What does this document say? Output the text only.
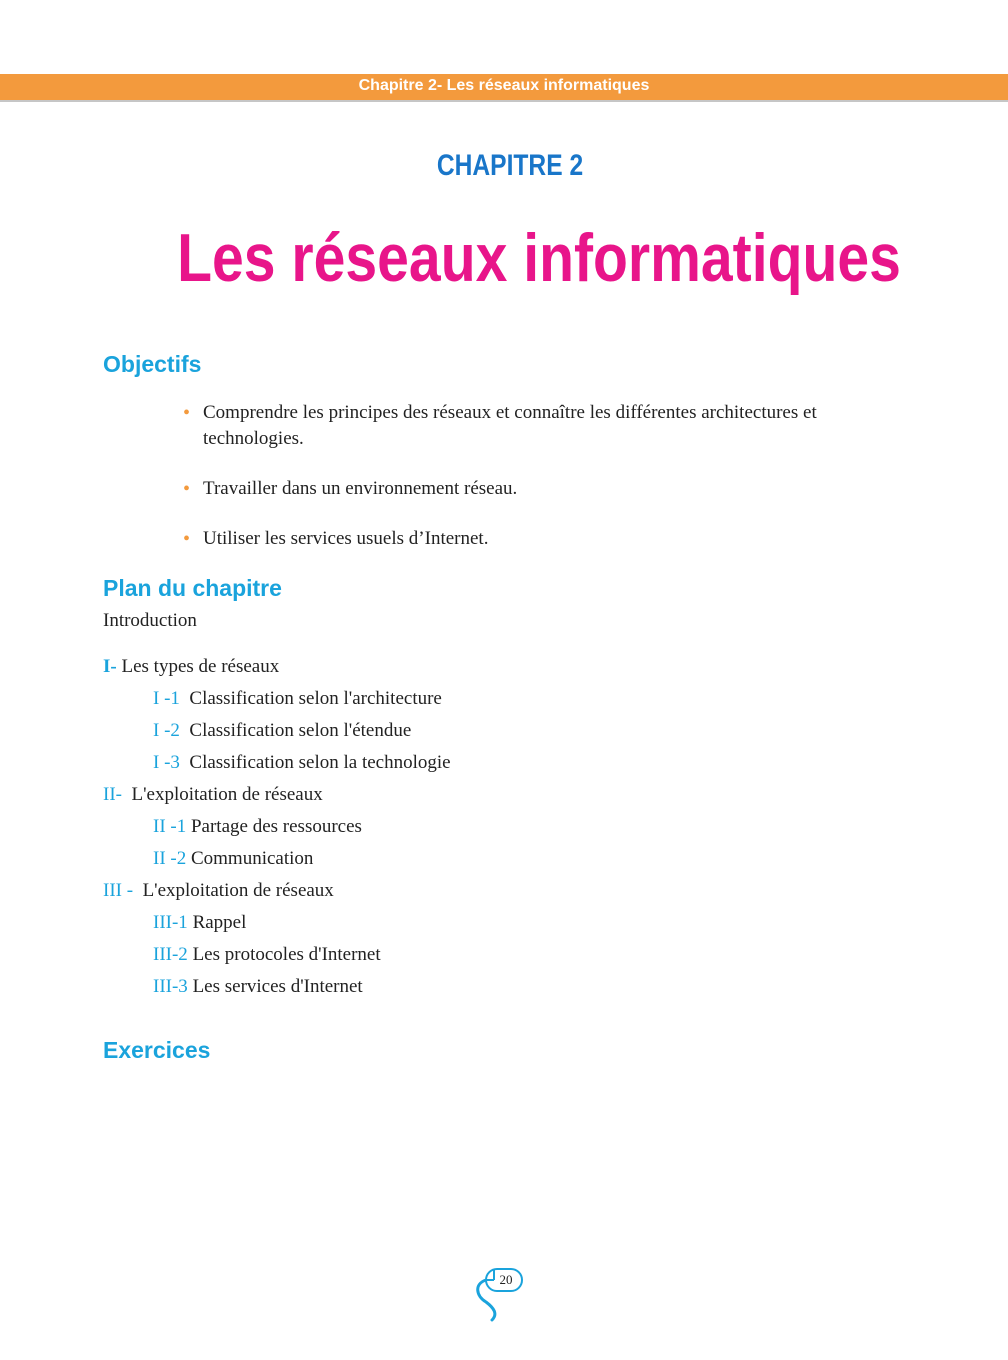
Chapitre 2- Les réseaux informatiques
CHAPITRE 2
Les réseaux informatiques
Objectifs
• Comprendre les principes des réseaux et connaître les différentes architectures et technologies.
• Travailler dans un environnement réseau.
• Utiliser les services usuels d’Internet.
Plan du chapitre
Introduction
I- Les types de réseaux
I -1 Classification selon l'architecture
I -2 Classification selon l'étendue
I -3 Classification selon la technologie
II- L'exploitation de réseaux
II -1 Partage des ressources
II -2 Communication
III - L'exploitation de réseaux
III-1 Rappel
III-2 Les protocoles d'Internet
III-3 Les services d'Internet
Exercices
20
